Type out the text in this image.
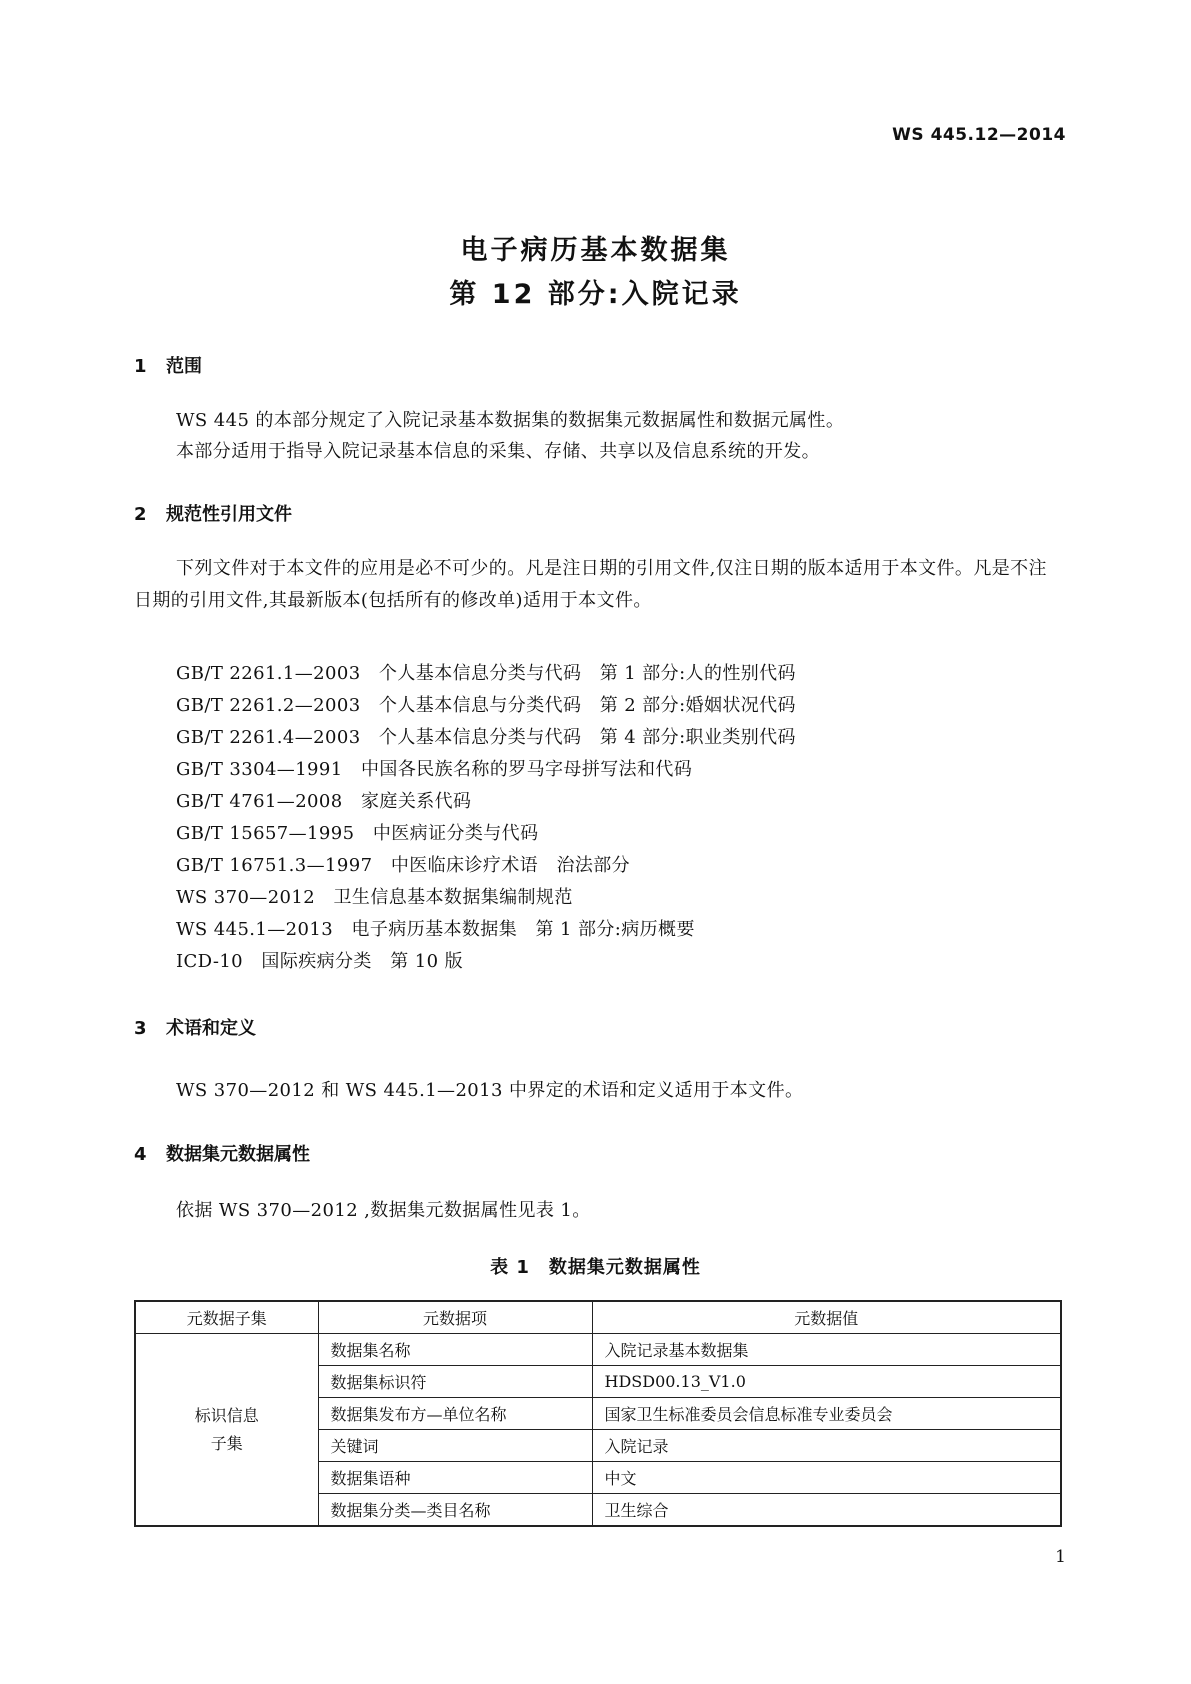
WS 445.12—2014
电子病历基本数据集
第 12 部分:入院记录
1 范围
WS 445 的本部分规定了入院记录基本数据集的数据集元数据属性和数据元属性。
本部分适用于指导入院记录基本信息的采集、存储、共享以及信息系统的开发。
2 规范性引用文件
下列文件对于本文件的应用是必不可少的。凡是注日期的引用文件,仅注日期的版本适用于本文件。凡是不注日期的引用文件,其最新版本(包括所有的修改单)适用于本文件。
GB/T 2261.1—2003　个人基本信息分类与代码　第 1 部分:人的性别代码
GB/T 2261.2—2003　个人基本信息与分类代码　第 2 部分:婚姻状况代码
GB/T 2261.4—2003　个人基本信息分类与代码　第 4 部分:职业类别代码
GB/T 3304—1991　中国各民族名称的罗马字母拼写法和代码
GB/T 4761—2008　家庭关系代码
GB/T 15657—1995　中医病证分类与代码
GB/T 16751.3—1997　中医临床诊疗术语　治法部分
WS 370—2012　卫生信息基本数据集编制规范
WS 445.1—2013　电子病历基本数据集　第 1 部分:病历概要
ICD-10　国际疾病分类　第 10 版
3 术语和定义
WS 370—2012 和 WS 445.1—2013 中界定的术语和定义适用于本文件。
4 数据集元数据属性
依据 WS 370—2012 ,数据集元数据属性见表 1。
表 1　数据集元数据属性
元数据子集	元数据项	元数据值

标识信息
子集	数据集名称	入院记录基本数据集
	数据集标识符	HDSD00.13_V1.0
	数据集发布方—单位名称	国家卫生标准委员会信息标准专业委员会
	关键词	入院记录
	数据集语种	中文
	数据集分类—类目名称	卫生综合
1
